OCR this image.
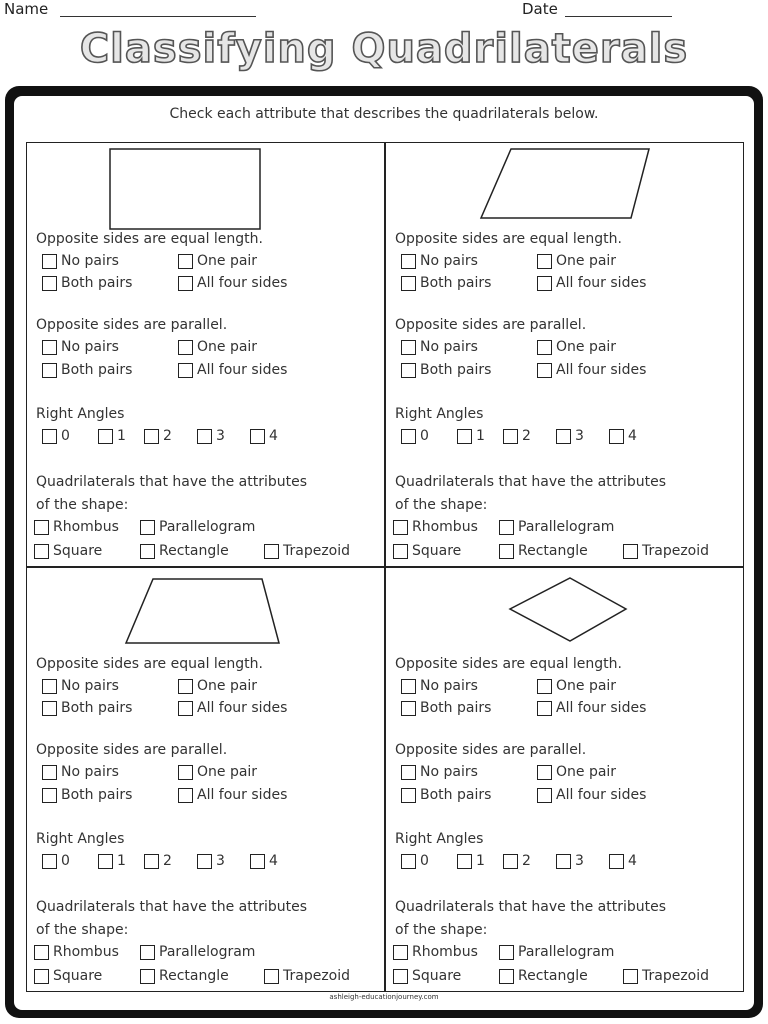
Name	Date
Classifying Quadrilaterals
Check each attribute that describes the quadrilaterals below.
Opposite sides are equal length.
No pairs	One pair
Both pairs	All four sides
Opposite sides are parallel.
No pairs	One pair
Both pairs	All four sides
Right Angles
0	1	2	3	4
Quadrilaterals that have the attributes
of the shape:
Rhombus	Parallelogram
Square	Rectangle	Trapezoid
Opposite sides are equal length.
No pairs	One pair
Both pairs	All four sides
Opposite sides are parallel.
No pairs	One pair
Both pairs	All four sides
Right Angles
0	1	2	3	4
Quadrilaterals that have the attributes
of the shape:
Rhombus	Parallelogram
Square	Rectangle	Trapezoid
Opposite sides are equal length.
No pairs	One pair
Both pairs	All four sides
Opposite sides are parallel.
No pairs	One pair
Both pairs	All four sides
Right Angles
0	1	2	3	4
Quadrilaterals that have the attributes
of the shape:
Rhombus	Parallelogram
Square	Rectangle	Trapezoid
Opposite sides are equal length.
No pairs	One pair
Both pairs	All four sides
Opposite sides are parallel.
No pairs	One pair
Both pairs	All four sides
Right Angles
0	1	2	3	4
Quadrilaterals that have the attributes
of the shape:
Rhombus	Parallelogram
Square	Rectangle	Trapezoid
ashleigh-educationjourney.com
